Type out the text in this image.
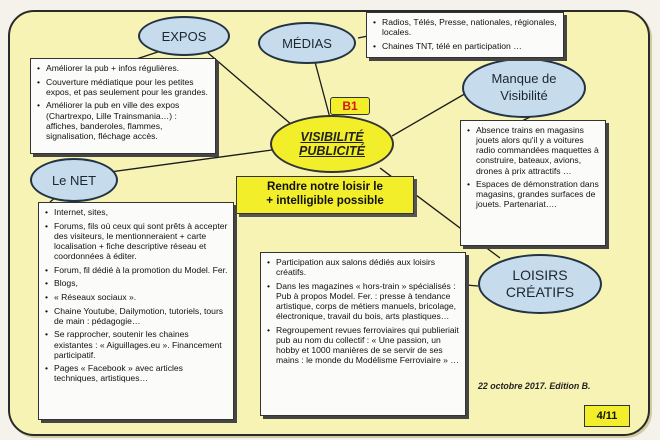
EXPOS	MÉDIAS
Manque de
Visibilité
Le NET
LOISIRS
CRÉATIFS
B1
VISIBILITÉ
PUBLICITÉ
Rendre notre loisir le
+ intelligible possible
• Améliorer la pub + infos régulières.
• Couverture médiatique pour les petites expos, et pas seulement pour les grandes.
• Améliorer la pub en ville des expos (Chartrexpo, Lille Trainsmania…) : affiches, banderoles, flammes, signalisation, fléchage accès.
• Radios, Télés, Presse, nationales, régionales, locales.
• Chaines TNT, télé en participation …
• Absence trains en magasins jouets alors qu'il y a voitures radio commandées maquettes à construire, bateaux, avions, drones à prix attractifs …
• Espaces de démonstration dans magasins, grandes surfaces de jouets. Partenariat….
• Internet, sites,
• Forums, fils où ceux qui sont prêts à accepter des visiteurs, le mentionneraient + carte localisation + fiche descriptive réseau et coordonnées à éditer.
• Forum, fil dédié à la promotion du Model. Fer.
• Blogs,
• « Réseaux sociaux ».
• Chaine Youtube, Dailymotion, tutoriels, tours de main : pédagogie…
• Se rapprocher, soutenir les chaines existantes : « Aiguillages.eu ». Financement participatif.
• Pages « Facebook » avec articles techniques, artistiques…
• Participation aux salons dédiés aux loisirs créatifs.
• Dans les magazines « hors-train » spécialisés : Pub à propos Model. Fer. : presse à tendance artistique, corps de métiers manuels, bricolage, électronique, travail du bois, arts plastiques…
• Regroupement revues ferroviaires qui publieriait pub au nom du collectif : « Une passion, un hobby et 1000 manières de se servir de ses mains : le monde du Modélisme Ferroviaire » …
22 octobre 2017. Edition B.
4/11
